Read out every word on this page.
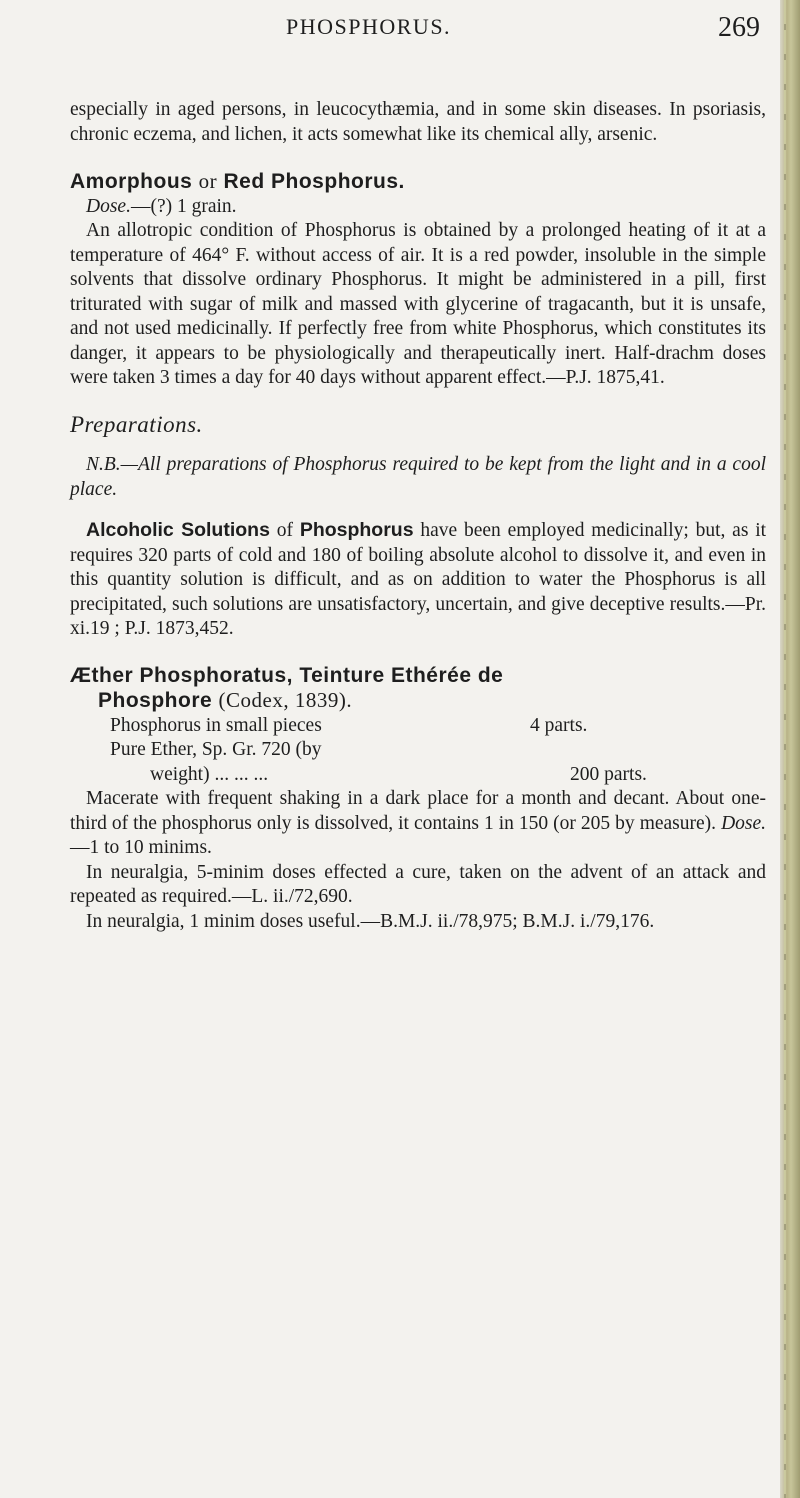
PHOSPHORUS.	269

especially in aged persons, in leucocythæmia, and in some skin diseases. In psoriasis, chronic eczema, and lichen, it acts somewhat like its chemical ally, arsenic.

Amorphous or Red Phosphorus.

Dose.—(?) 1 grain.

An allotropic condition of Phosphorus is obtained by a prolonged heating of it at a temperature of 464° F. without access of air. It is a red powder, insoluble in the simple solvents that dissolve ordinary Phosphorus. It might be administered in a pill, first triturated with sugar of milk and massed with glycerine of tragacanth, but it is unsafe, and not used medicinally. If perfectly free from white Phosphorus, which constitutes its danger, it appears to be physiologically and therapeutically inert. Half-drachm doses were taken 3 times a day for 40 days without apparent effect.—P.J. 1875,41.

Preparations.

N.B.—All preparations of Phosphorus required to be kept from the light and in a cool place.

Alcoholic Solutions of Phosphorus have been employed medicinally; but, as it requires 320 parts of cold and 180 of boiling absolute alcohol to dissolve it, and even in this quantity solution is difficult, and as on addition to water the Phosphorus is all precipitated, such solutions are unsatisfactory, uncertain, and give deceptive results.—Pr. xi.19 ; P.J. 1873,452.

Æther Phosphoratus, Teinture Ethérée de
Phosphore (Codex, 1839).
Phosphorus in small pieces	4 parts.
Pure Ether, Sp. Gr. 720 (by
weight) ... ... ...	200 parts.

Macerate with frequent shaking in a dark place for a month and decant. About one-third of the phosphorus only is dissolved, it contains 1 in 150 (or 205 by measure). Dose.—1 to 10 minims.

In neuralgia, 5-minim doses effected a cure, taken on the advent of an attack and repeated as required.—L. ii./72,690.

In neuralgia, 1 minim doses useful.—B.M.J. ii./78,975; B.M.J. i./79,176.
